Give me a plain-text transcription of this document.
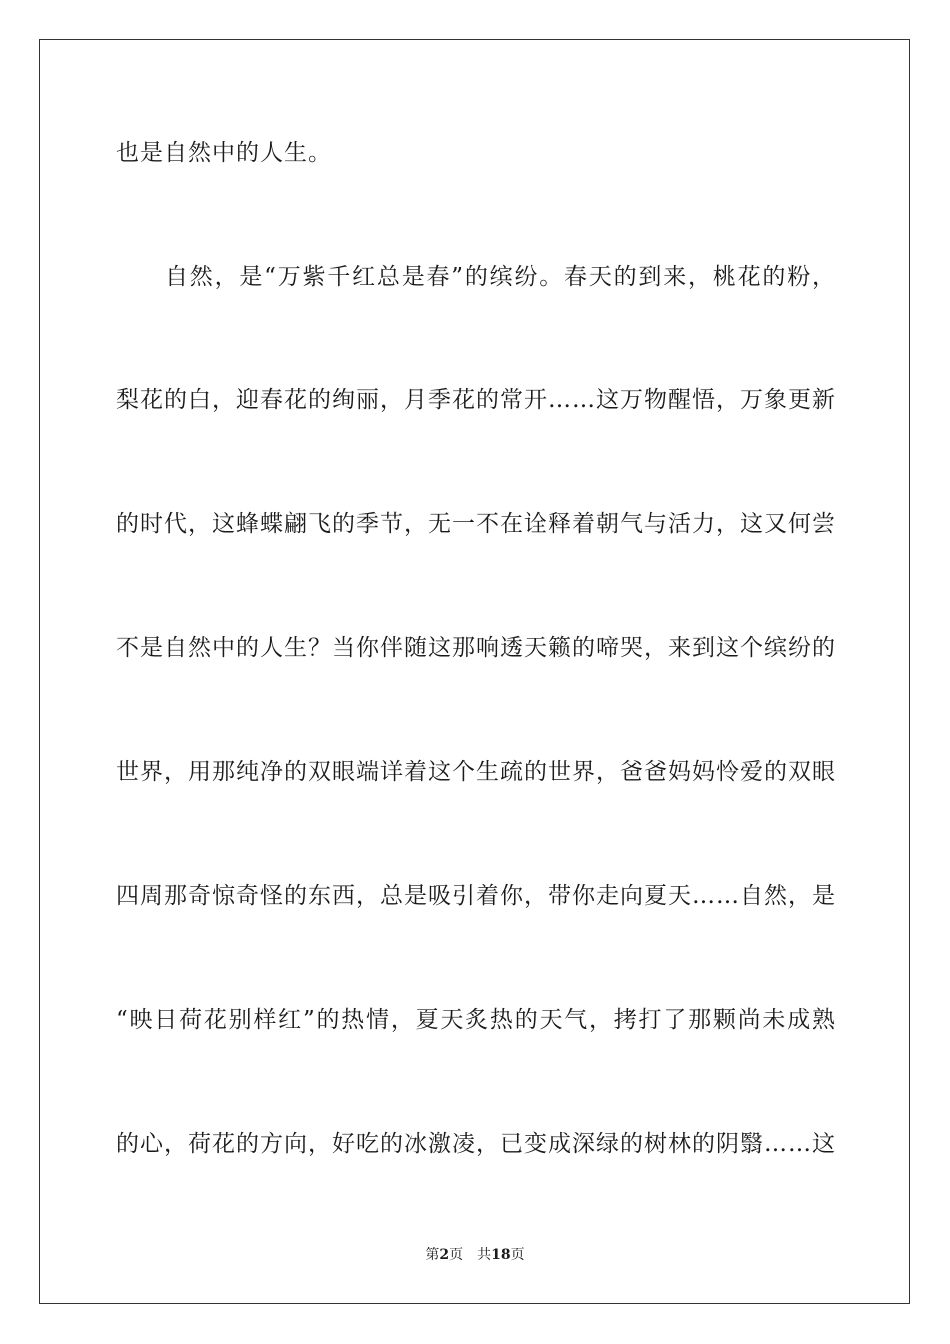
也是自然中的人生。
自然，是“万紫千红总是春”的缤纷。春天的到来，桃花的粉，
梨花的白，迎春花的绚丽，月季花的常开……这万物醒悟，万象更新
的时代，这蜂蝶翩飞的季节，无一不在诠释着朝气与活力，这又何尝
不是自然中的人生？当你伴随这那响透天籁的啼哭，来到这个缤纷的
世界，用那纯净的双眼端详着这个生疏的世界，爸爸妈妈怜爱的双眼
四周那奇惊奇怪的东西，总是吸引着你，带你走向夏天……自然，是
“映日荷花别样红”的热情，夏天炙热的天气，拷打了那颗尚未成熟
的心，荷花的方向，好吃的冰激凌，已变成深绿的树林的阴翳……这
第2页 共18页
